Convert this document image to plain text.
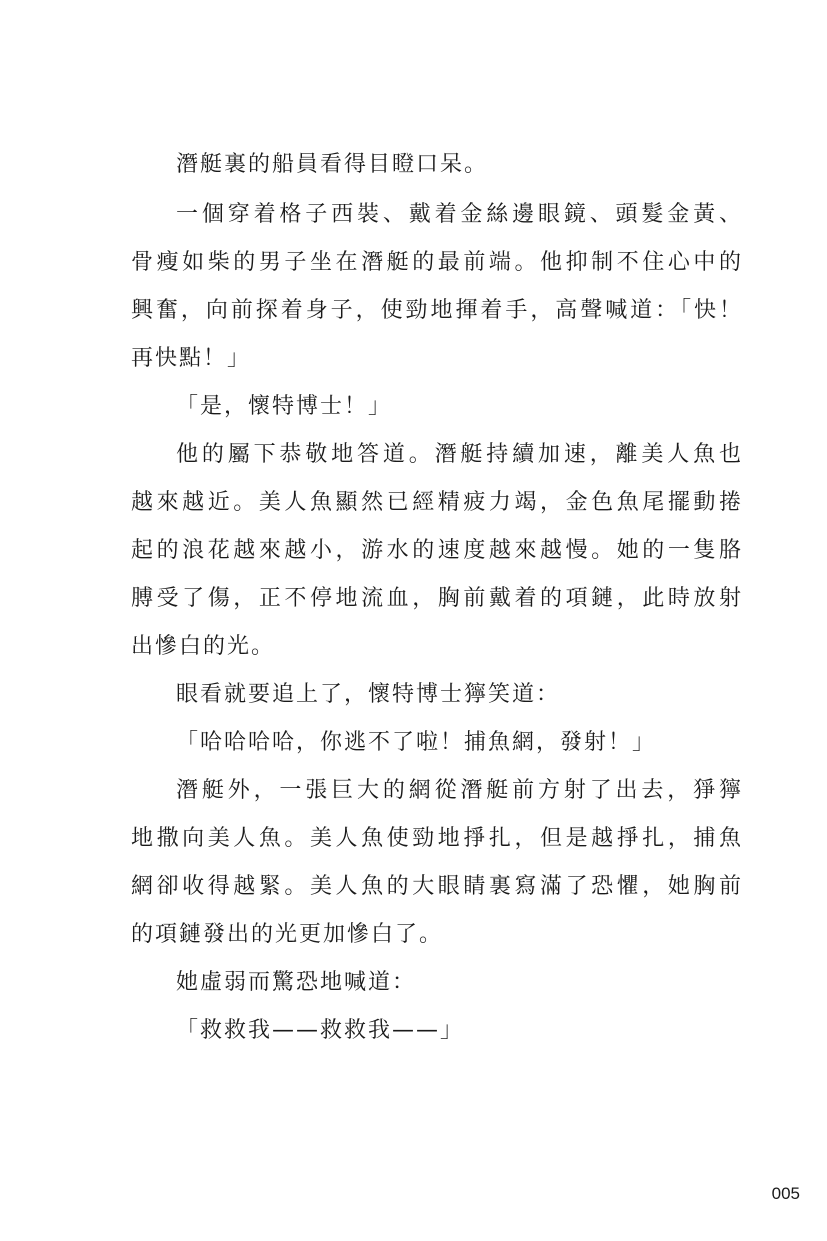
潛艇裏的船員看得目瞪口呆。
一個穿着格子西裝、戴着金絲邊眼鏡、頭髮金黃、
骨瘦如柴的男子坐在潛艇的最前端。他抑制不住心中的
興奮，向前探着身子，使勁地揮着手，高聲喊道：「快！
再快點！」
「是，懷特博士！」
他的屬下恭敬地答道。潛艇持續加速，離美人魚也
越來越近。美人魚顯然已經精疲力竭，金色魚尾擺動捲
起的浪花越來越小，游水的速度越來越慢。她的一隻胳
膊受了傷，正不停地流血，胸前戴着的項鏈，此時放射
出慘白的光。
眼看就要追上了，懷特博士獰笑道：
「哈哈哈哈，你逃不了啦！捕魚網，發射！」
潛艇外，一張巨大的網從潛艇前方射了出去，猙獰
地撒向美人魚。美人魚使勁地掙扎，但是越掙扎，捕魚
網卻收得越緊。美人魚的大眼睛裏寫滿了恐懼，她胸前
的項鏈發出的光更加慘白了。
她虛弱而驚恐地喊道：
「救救我——救救我——」
005
